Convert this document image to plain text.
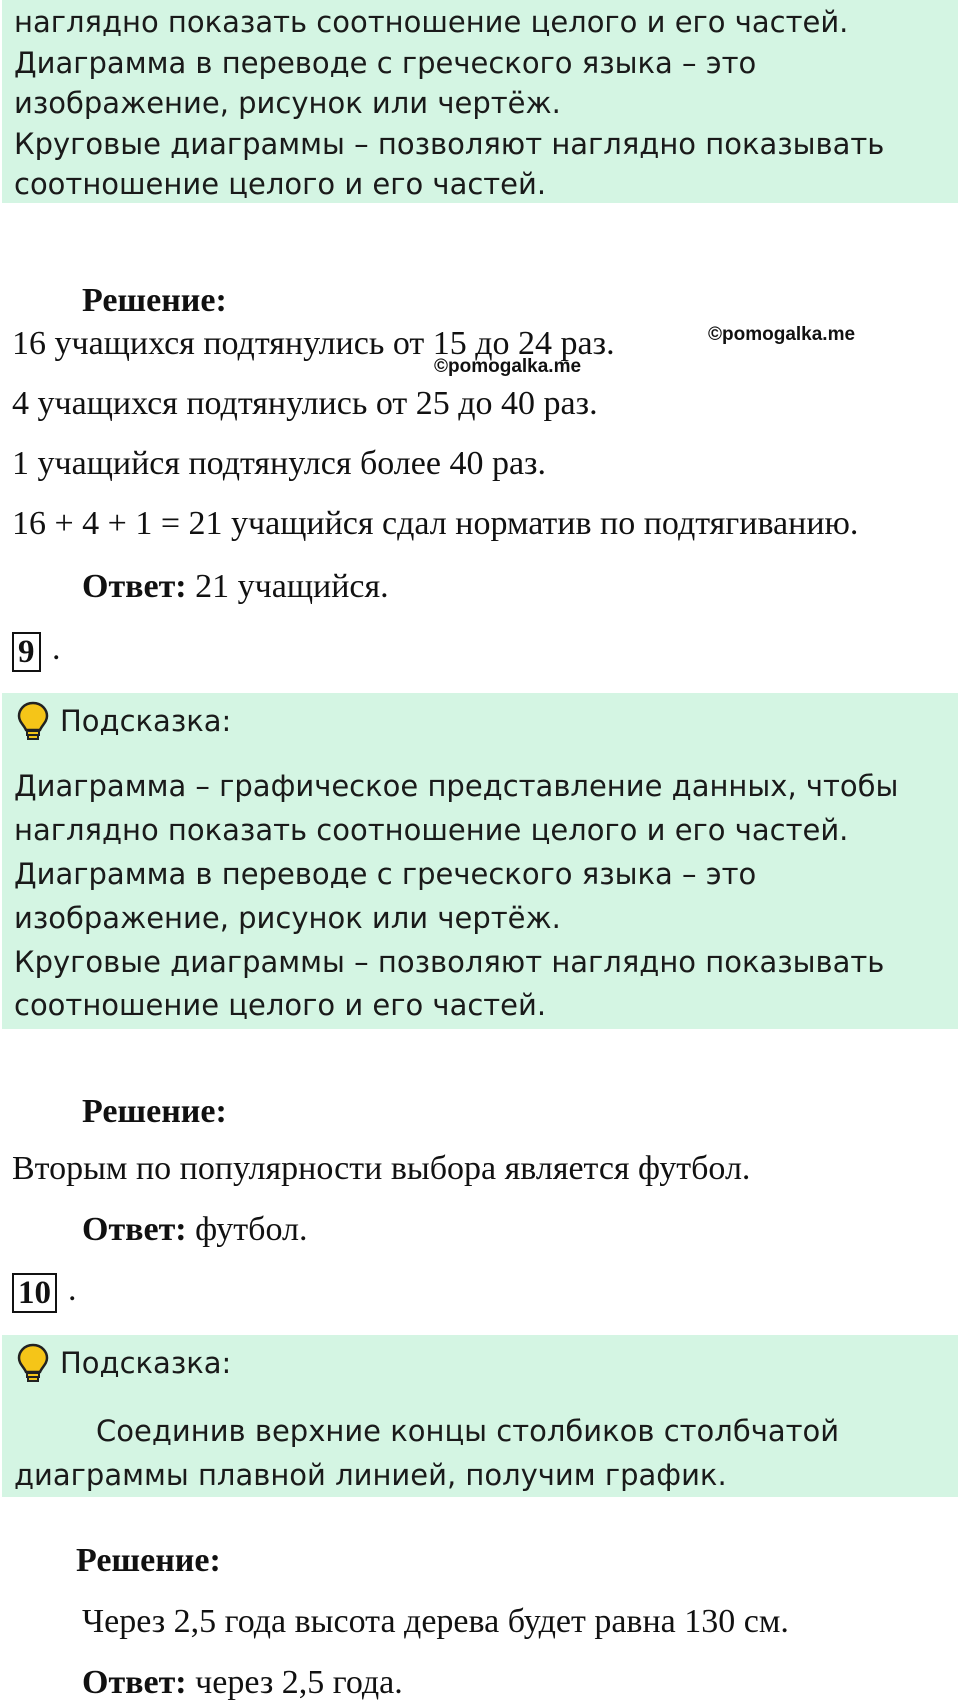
наглядно показать соотношение целого и его частей.
Диаграмма в переводе с греческого языка – это
изображение, рисунок или чертёж.
Круговые диаграммы – позволяют наглядно показывать
соотношение целого и его частей.
Решение:
16 учащихся подтянулись от 15 до 24 раз.
4 учащихся подтянулись от 25 до 40 раз.
1 учащийся подтянулся более 40 раз.
16 + 4 + 1 = 21 учащийся сдал норматив по подтягиванию.
Ответ: 21 учащийся.
©pomogalka.me
©pomogalka.me
9 .
Подсказка:
Диаграмма – графическое представление данных, чтобы
наглядно показать соотношение целого и его частей.
Диаграмма в переводе с греческого языка – это
изображение, рисунок или чертёж.
Круговые диаграммы – позволяют наглядно показывать
соотношение целого и его частей.
Решение:
Вторым по популярности выбора является футбол.
Ответ: футбол.
10 .
Подсказка:
Соединив верхние концы столбиков столбчатой
диаграммы плавной линией, получим график.
Решение:
Через 2,5 года высота дерева будет равна 130 см.
Ответ: через 2,5 года.
